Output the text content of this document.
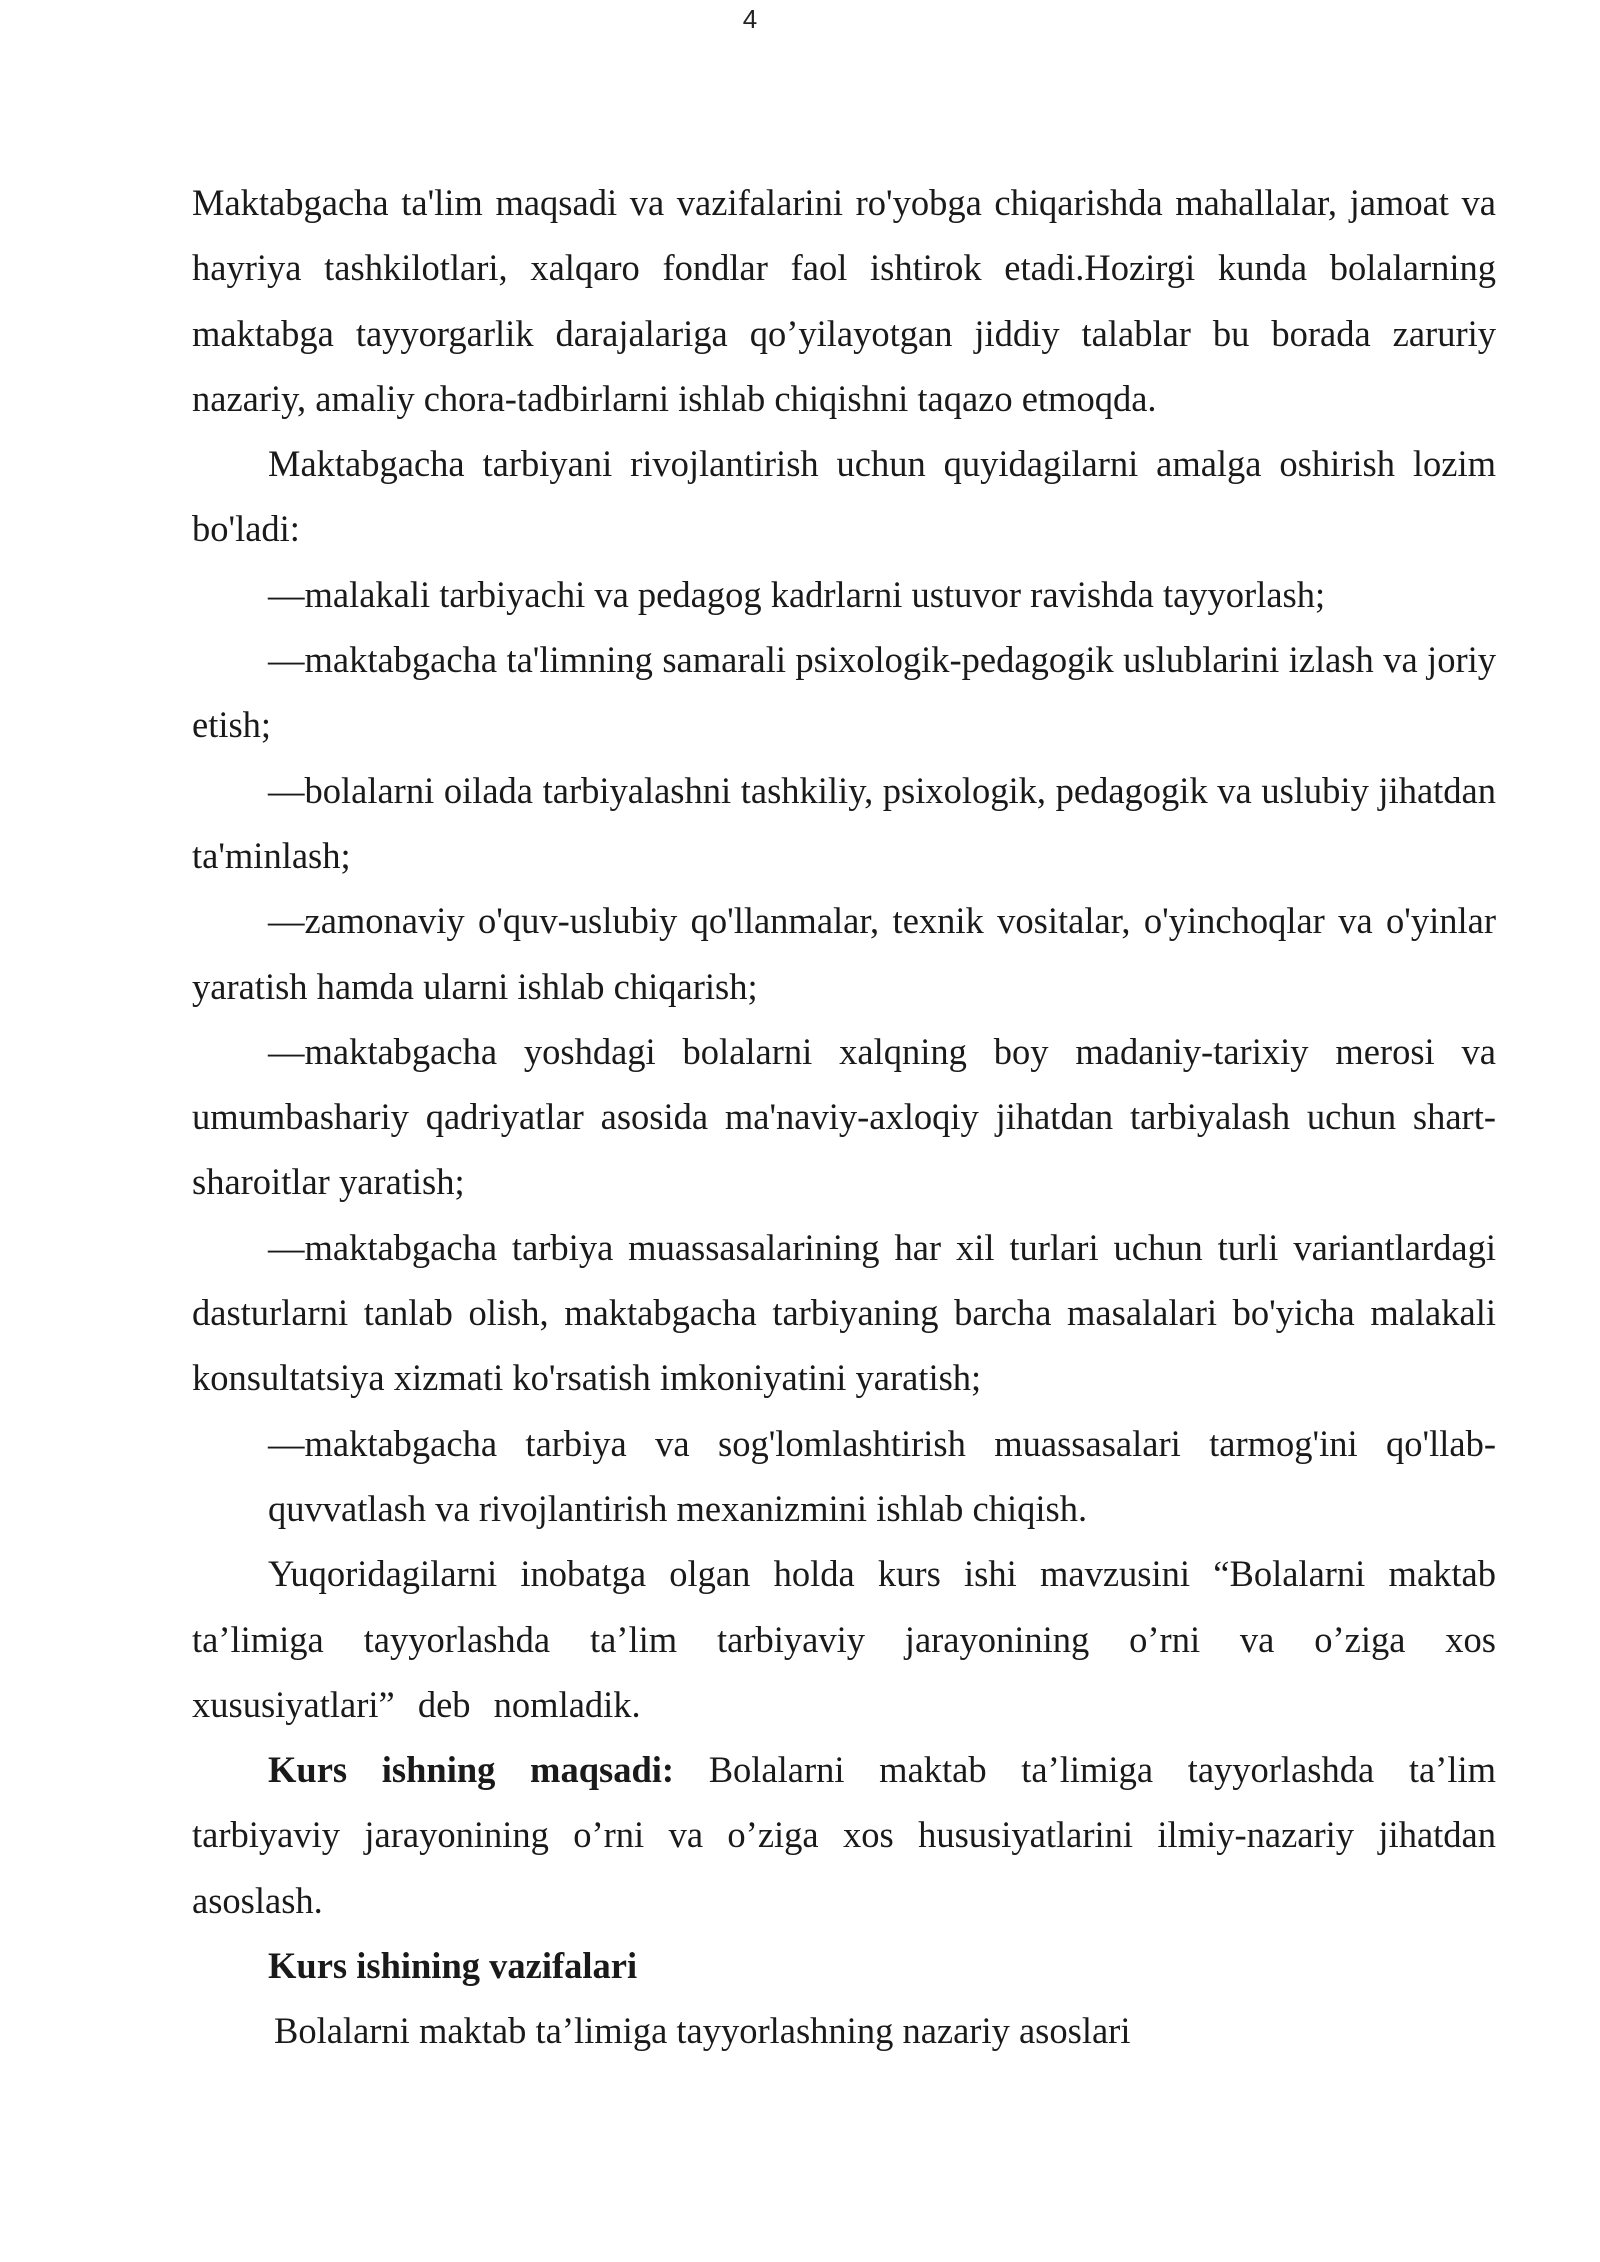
4

Maktabgacha ta'lim maqsadi va vazifalarini ro'yobga chiqarishda mahallalar, jamoat va hayriya tashkilotlari, xalqaro fondlar faol ishtirok etadi.Hozirgi kunda bolalarning maktabga tayyorgarlik darajalariga qo’yilayotgan jiddiy talablar bu borada zaruriy nazariy, amaliy chora-tadbirlarni ishlab chiqishni taqazo etmoqda.

Maktabgacha tarbiyani rivojlantirish uchun quyidagilarni amalga oshirish lozim bo'ladi:

—malakali tarbiyachi va pedagog kadrlarni ustuvor ravishda tayyorlash;

—maktabgacha ta'limning samarali psixologik-pedagogik uslublarini izlash va joriy etish;

—bolalarni oilada tarbiyalashni tashkiliy, psixologik, pedagogik va uslubiy jihatdan ta'minlash;

—zamonaviy o'quv-uslubiy qo'llanmalar, texnik vositalar, o'yinchoqlar va o'yinlar yaratish hamda ularni ishlab chiqarish;

—maktabgacha yoshdagi bolalarni xalqning boy madaniy-tarixiy merosi va umumbashariy qadriyatlar asosida ma'naviy-axloqiy jihatdan tarbiyalash uchun shart-sharoitlar yaratish;

—maktabgacha tarbiya muassasalarining har xil turlari uchun turli variantlardagi dasturlarni tanlab olish, maktabgacha tarbiyaning barcha masalalari bo'yicha malakali konsultatsiya xizmati ko'rsatish imkoniyatini yaratish;

—maktabgacha tarbiya va sog'lomlashtirish muassasalari tarmog'ini qo'llab-quvvatlash va rivojlantirish mexanizmini ishlab chiqish.

Yuqoridagilarni inobatga olgan holda kurs ishi mavzusini “Bolalarni maktab ta’limiga tayyorlashda ta’lim tarbiyaviy jarayonining o’rni va o’ziga xos xususiyatlari” deb nomladik.

Kurs ishning maqsadi: Bolalarni maktab ta’limiga tayyorlashda ta’lim tarbiyaviy jarayonining o’rni va o’ziga xos hususiyatlarini ilmiy-nazariy jihatdan asoslash.

Kurs ishining vazifalari

Bolalarni maktab ta’limiga tayyorlashning nazariy asoslari
